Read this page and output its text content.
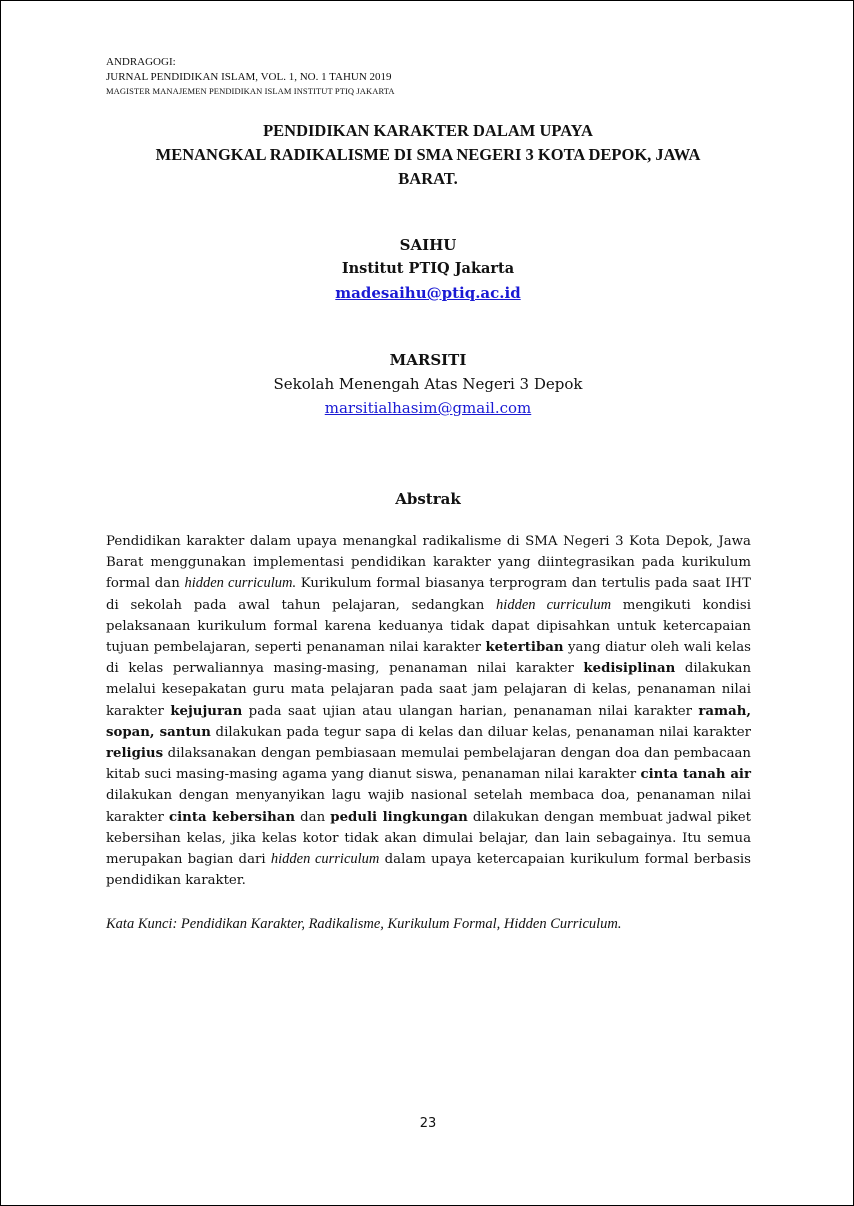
ANDRAGOGI:
JURNAL PENDIDIKAN ISLAM, VOL. 1, NO. 1 TAHUN 2019
MAGISTER MANAJEMEN PENDIDIKAN ISLAM INSTITUT PTIQ JAKARTA
PENDIDIKAN KARAKTER DALAM UPAYA
MENANGKAL RADIKALISME DI SMA NEGERI 3 KOTA DEPOK, JAWA
BARAT.
SAIHU
Institut PTIQ Jakarta
madesaihu@ptiq.ac.id
MARSITI
Sekolah Menengah Atas Negeri 3 Depok
marsitialhasim@gmail.com
Abstrak

Pendidikan karakter dalam upaya menangkal radikalisme di SMA Negeri 3 Kota Depok, Jawa Barat menggunakan implementasi pendidikan karakter yang diintegrasikan pada kurikulum formal dan hidden curriculum. Kurikulum formal biasanya terprogram dan tertulis pada saat IHT di sekolah pada awal tahun pelajaran, sedangkan hidden curriculum mengikuti kondisi pelaksanaan kurikulum formal karena keduanya tidak dapat dipisahkan untuk ketercapaian tujuan pembelajaran, seperti penanaman nilai karakter ketertiban yang diatur oleh wali kelas di kelas perwaliannya masing-masing, penanaman nilai karakter kedisiplinan dilakukan melalui kesepakatan guru mata pelajaran pada saat jam pelajaran di kelas, penanaman nilai karakter kejujuran pada saat ujian atau ulangan harian, penanaman nilai karakter ramah, sopan, santun dilakukan pada tegur sapa di kelas dan diluar kelas, penanaman nilai karakter religius dilaksanakan dengan pembiasaan memulai pembelajaran dengan doa dan pembacaan kitab suci masing-masing agama yang dianut siswa, penanaman nilai karakter cinta tanah air dilakukan dengan menyanyikan lagu wajib nasional setelah membaca doa, penanaman nilai karakter cinta kebersihan dan peduli lingkungan dilakukan dengan membuat jadwal piket kebersihan kelas, jika kelas kotor tidak akan dimulai belajar, dan lain sebagainya. Itu semua merupakan bagian dari hidden curriculum dalam upaya ketercapaian kurikulum formal berbasis pendidikan karakter.

Kata Kunci: Pendidikan Karakter, Radikalisme, Kurikulum Formal, Hidden Curriculum.
23
